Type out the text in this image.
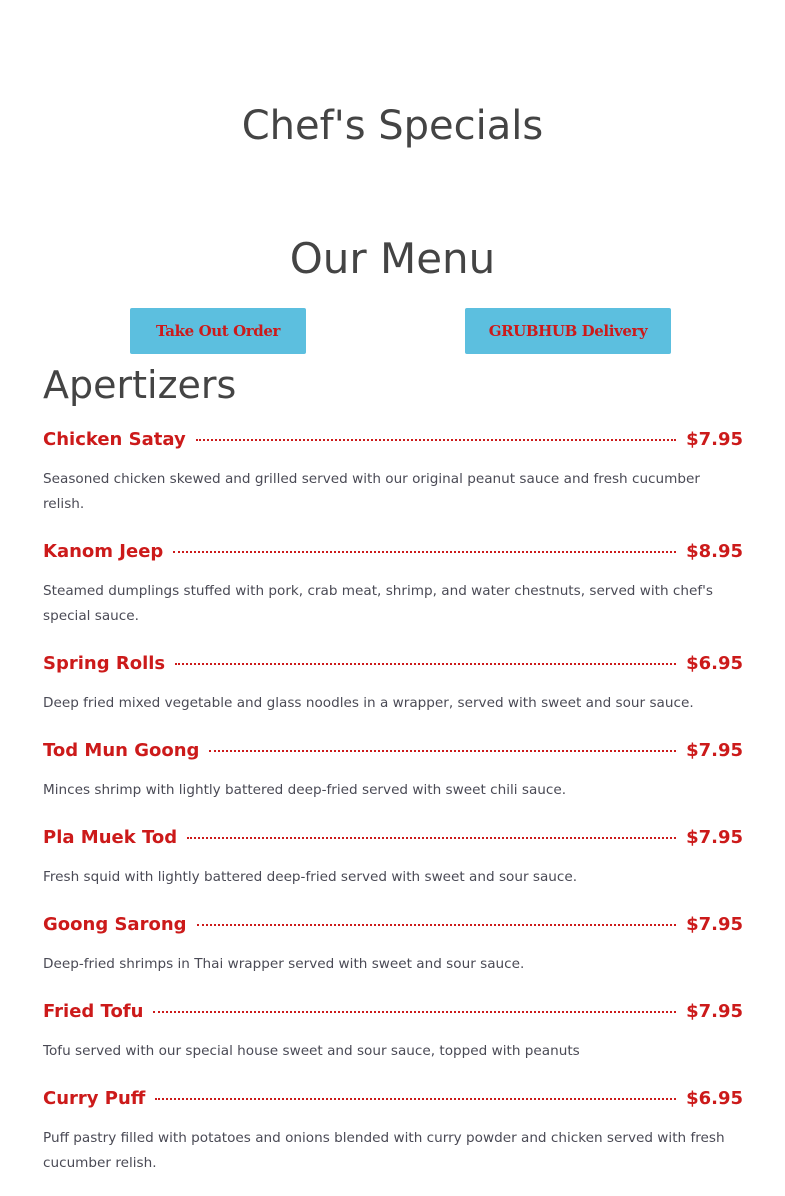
Chef's Specials
Our Menu
Take Out Order	GRUBHUB Delivery
Apertizers
Chicken Satay	$7.95

Seasoned chicken skewed and grilled served with our original peanut sauce and fresh cucumber relish.

Kanom Jeep	$8.95

Steamed dumplings stuffed with pork, crab meat, shrimp, and water chestnuts, served with chef's special sauce.

Spring Rolls	$6.95

Deep fried mixed vegetable and glass noodles in a wrapper, served with sweet and sour sauce.

Tod Mun Goong	$7.95

Minces shrimp with lightly battered deep-fried served with sweet chili sauce.

Pla Muek Tod	$7.95

Fresh squid with lightly battered deep-fried served with sweet and sour sauce.

Goong Sarong	$7.95

Deep-fried shrimps in Thai wrapper served with sweet and sour sauce.

Fried Tofu	$7.95

Tofu served with our special house sweet and sour sauce, topped with peanuts

Curry Puff	$6.95

Puff pastry filled with potatoes and onions blended with curry powder and chicken served with fresh cucumber relish.
